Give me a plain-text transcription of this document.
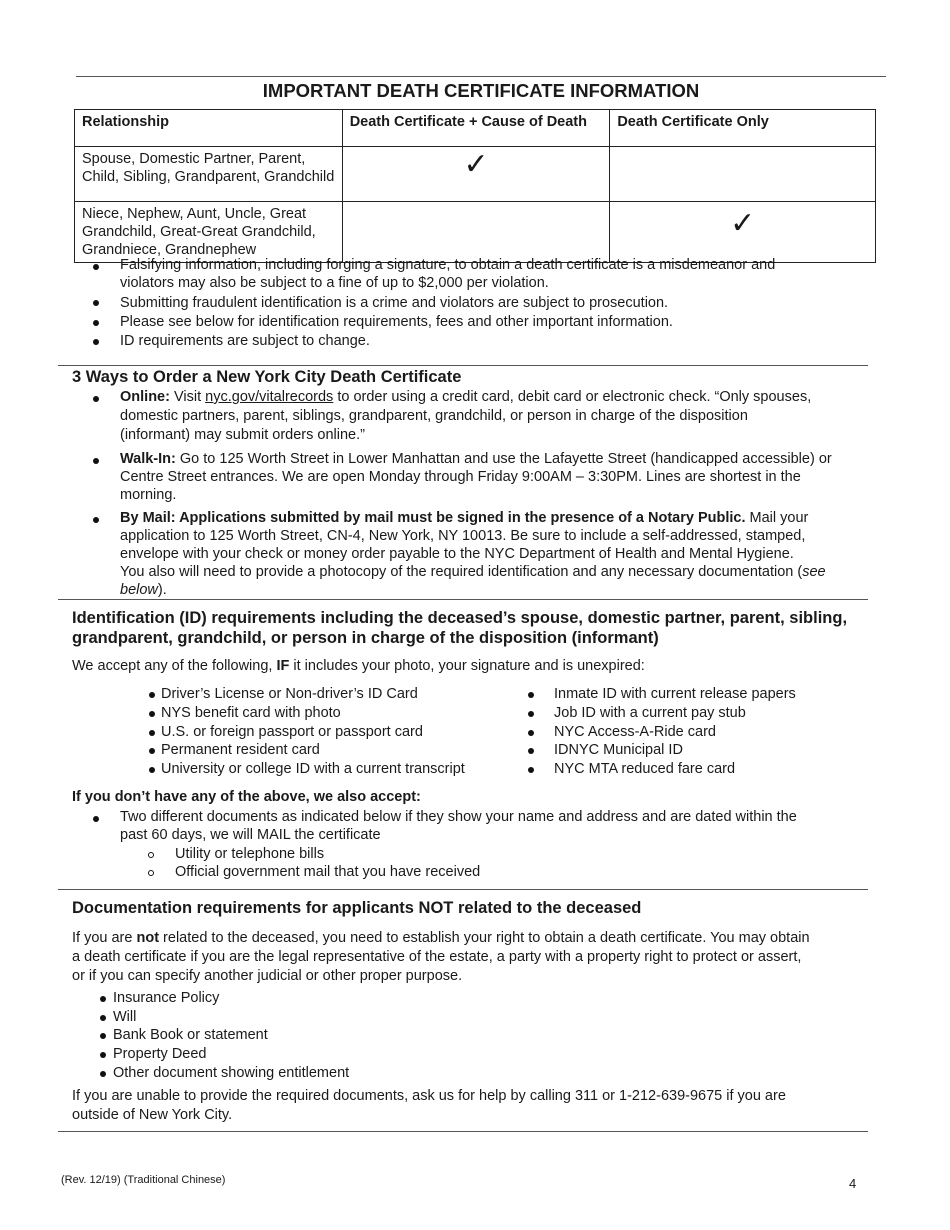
IMPORTANT DEATH CERTIFICATE INFORMATION
Relationship	Death Certificate + Cause of Death	Death Certificate Only
Spouse, Domestic Partner, Parent, Child, Sibling, Grandparent, Grandchild	✓	

Niece, Nephew, Aunt, Uncle, Great Grandchild, Great-Great Grandchild, Grandniece, Grandnephew		✓
Falsifying information, including forging a signature, to obtain a death certificate is a misdemeanor and
violators may also be subject to a fine of up to $2,000 per violation.
Submitting fraudulent identification is a crime and violators are subject to prosecution.
Please see below for identification requirements, fees and other important information.
ID requirements are subject to change.
3 Ways to Order a New York City Death Certificate
Online: Visit nyc.gov/vitalrecords to order using a credit card, debit card or electronic check. “Only spouses,
domestic partners, parent, siblings, grandparent, grandchild, or person in charge of the disposition
(informant) may submit orders online.”
Walk-In: Go to 125 Worth Street in Lower Manhattan and use the Lafayette Street (handicapped accessible) or
Centre Street entrances. We are open Monday through Friday 9:00AM – 3:30PM. Lines are shortest in the
morning.
By Mail: Applications submitted by mail must be signed in the presence of a Notary Public. Mail your
application to 125 Worth Street, CN-4, New York, NY 10013. Be sure to include a self-addressed, stamped,
envelope with your check or money order payable to the NYC Department of Health and Mental Hygiene.
You also will need to provide a photocopy of the required identification and any necessary documentation (see
below).
Identification (ID) requirements including the deceased’s spouse, domestic partner, parent, sibling,
grandparent, grandchild, or person in charge of the disposition (informant)
We accept any of the following, IF it includes your photo, your signature and is unexpired:
Driver’s License or Non-driver’s ID Card
NYS benefit card with photo
U.S. or foreign passport or passport card
Permanent resident card
University or college ID with a current transcript
Inmate ID with current release papers
Job ID with a current pay stub
NYC Access-A-Ride card
IDNYC Municipal ID
NYC MTA reduced fare card
If you don’t have any of the above, we also accept:
Two different documents as indicated below if they show your name and address and are dated within the
past 60 days, we will MAIL the certificate
Utility or telephone bills
Official government mail that you have received
Documentation requirements for applicants NOT related to the deceased
If you are not related to the deceased, you need to establish your right to obtain a death certificate. You may obtain
a death certificate if you are the legal representative of the estate, a party with a property right to protect or assert,
or if you can specify another judicial or other proper purpose.
Insurance Policy
Will
Bank Book or statement
Property Deed
Other document showing entitlement
If you are unable to provide the required documents, ask us for help by calling 311 or 1-212-639-9675 if you are
outside of New York City.
(Rev. 12/19) (Traditional Chinese)	4
